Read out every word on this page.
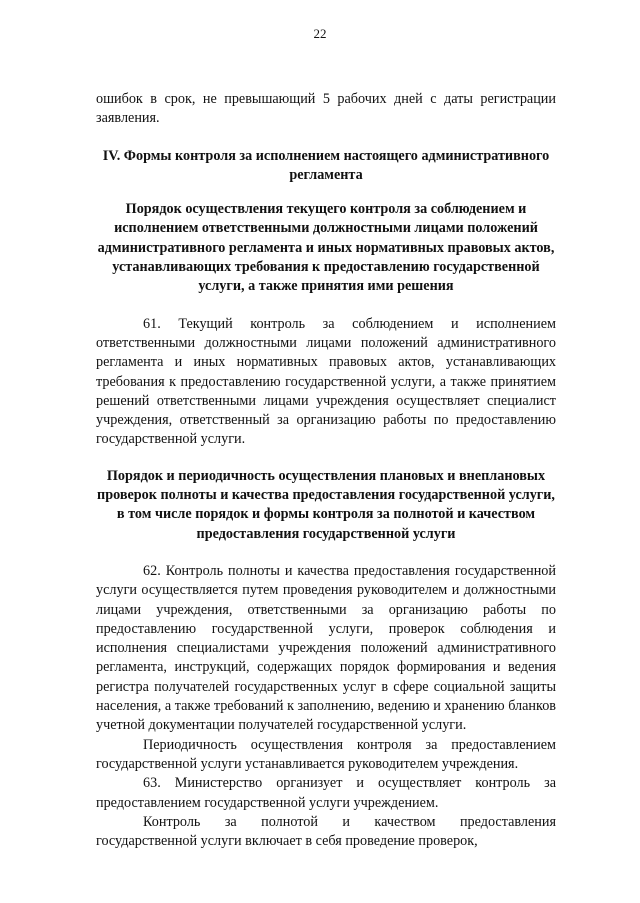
22

ошибок в срок, не превышающий 5 рабочих дней с даты регистрации заявления.

IV. Формы контроля за исполнением настоящего административного регламента

Порядок осуществления текущего контроля за соблюдением и исполнением ответственными должностными лицами положений административного регламента и иных нормативных правовых актов, устанавливающих требования к предоставлению государственной услуги, а также принятия ими решения

61. Текущий контроль за соблюдением и исполнением ответственными должностными лицами положений административного регламента и иных нормативных правовых актов, устанавливающих требования к предоставлению государственной услуги, а также принятием решений ответственными лицами учреждения осуществляет специалист учреждения, ответственный за организацию работы по предоставлению государственной услуги.

Порядок и периодичность осуществления плановых и внеплановых проверок полноты и качества предоставления государственной услуги, в том числе порядок и формы контроля за полнотой и качеством предоставления государственной услуги

62. Контроль полноты и качества предоставления государственной услуги осуществляется путем проведения руководителем и должностными лицами учреждения, ответственными за организацию работы по предоставлению государственной услуги, проверок соблюдения и исполнения специалистами учреждения положений административного регламента, инструкций, содержащих порядок формирования и ведения регистра получателей государственных услуг в сфере социальной защиты населения, а также требований к заполнению, ведению и хранению бланков учетной документации получателей государственной услуги.

Периодичность осуществления контроля за предоставлением государственной услуги устанавливается руководителем учреждения.

63. Министерство организует и осуществляет контроль за предоставлением государственной услуги учреждением.

Контроль за полнотой и качеством предоставления государственной услуги включает в себя проведение проверок,
